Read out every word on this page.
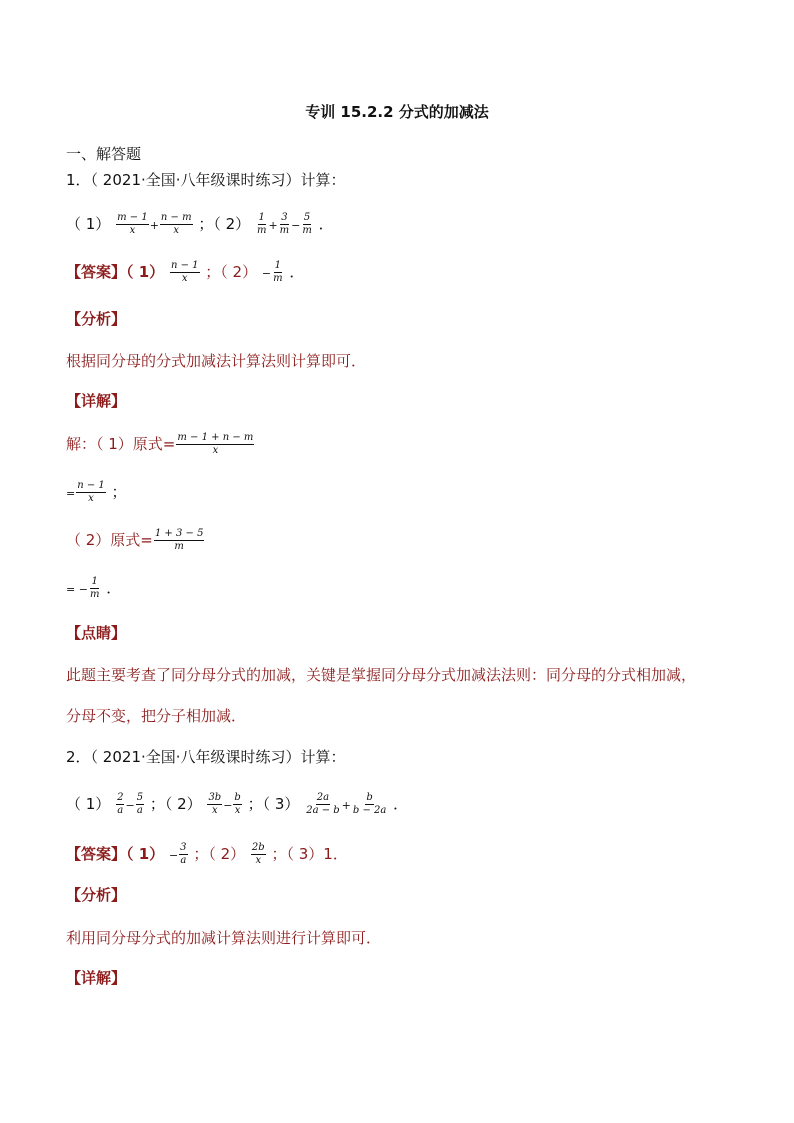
专训 15.2.2 分式的加减法
一、解答题
1．（ 2021·全国·八年级课时练习）计算：
（ $1) \frac{m - 1}{x} + \frac{n - m}{x}$ ；（ $2) \frac{1}{m} + \frac{3}{m} - \frac{5}{m}$ ．
【答案】（ $1) \frac{n - 1}{x}$ ；（ $2) - \frac{1}{m}$ ．
【分析】
根据同分母的分式加减法计算法则计算即可．
【详解】
解：（ 1）原式= $\frac{m - 1 + n - m}{x}$
= $\frac{n - 1}{x}$ ；
（ 2）原式= $\frac{1 + 3 - 5}{m}$
= − $\frac{1}{m}$ ．
【点睛】
此题主要考查了同分母分式的加减，关键是掌握同分母分式加减法法则：同分母的分式相加减，
分母不变，把分子相加减．
2．（ 2021·全国·八年级课时练习）计算：
（ $1) \frac{2}{a} - \frac{5}{a}$ ；（ $2) \frac{3b}{x} - \frac{b}{x}$ ；（ $3) \frac{2a}{2a - b} + \frac{b}{b - 2a}$ ．
【答案】（ $1) - \frac{3}{a}$ ；（ $2) \frac{2b}{x}$ ；（ 3）1．
【分析】
利用同分母分式的加减计算法则进行计算即可．
【详解】
